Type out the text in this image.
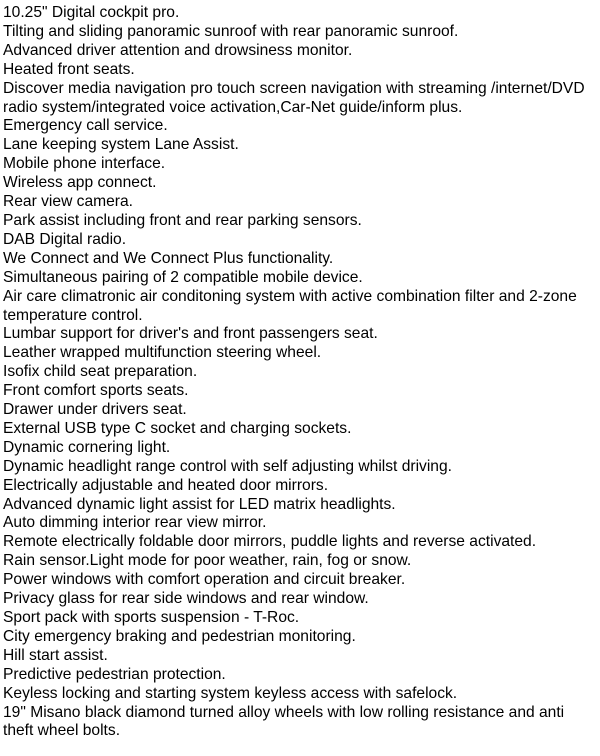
10.25" Digital cockpit pro.
Tilting and sliding panoramic sunroof with rear panoramic sunroof.
Advanced driver attention and drowsiness monitor.
Heated front seats.
Discover media navigation pro touch screen navigation with streaming /internet/DVD radio system/integrated voice activation,Car-Net guide/inform plus.
Emergency call service.
Lane keeping system Lane Assist.
Mobile phone interface.
Wireless app connect.
Rear view camera.
Park assist including front and rear parking sensors.
DAB Digital radio.
We Connect and We Connect Plus functionality.
Simultaneous pairing of 2 compatible mobile device.
Air care climatronic air conditoning system with active combination filter and 2-zone temperature control.
Lumbar support for driver's and front passengers seat.
Leather wrapped multifunction steering wheel.
Isofix child seat preparation.
Front comfort sports seats.
Drawer under drivers seat.
External USB type C socket and charging sockets.
Dynamic cornering light.
Dynamic headlight range control with self adjusting whilst driving.
Electrically adjustable and heated door mirrors.
Advanced dynamic light assist for LED matrix headlights.
Auto dimming interior rear view mirror.
Remote electrically foldable door mirrors, puddle lights and reverse activated.
Rain sensor.Light mode for poor weather, rain, fog or snow.
Power windows with comfort operation and circuit breaker.
Privacy glass for rear side windows and rear window.
Sport pack with sports suspension - T-Roc.
City emergency braking and pedestrian monitoring.
Hill start assist.
Predictive pedestrian protection.
Keyless locking and starting system keyless access with safelock.
19" Misano black diamond turned alloy wheels with low rolling resistance and anti theft wheel bolts.
